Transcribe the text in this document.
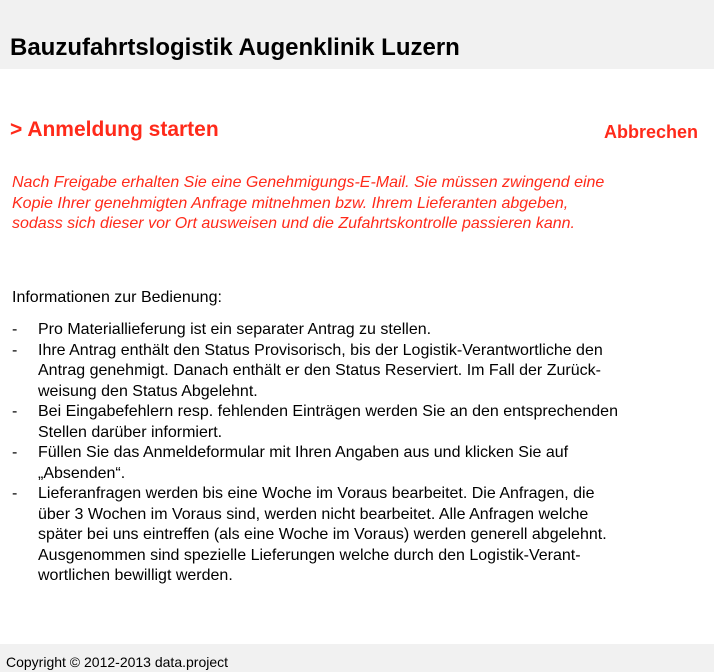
Bauzufahrtslogistik Augenklinik Luzern
> Anmeldung starten	Abbrechen

Nach Freigabe erhalten Sie eine Genehmigungs-E-Mail. Sie müssen zwingend eine
Kopie Ihrer genehmigten Anfrage mitnehmen bzw. Ihrem Lieferanten abgeben,
sodass sich dieser vor Ort ausweisen und die Zufahrtskontrolle passieren kann.

Informationen zur Bedienung:

- Pro Materiallieferung ist ein separater Antrag zu stellen.
- Ihre Antrag enthält den Status Provisorisch, bis der Logistik-Verantwortliche den
Antrag genehmigt. Danach enthält er den Status Reserviert. Im Fall der Zurück-
weisung den Status Abgelehnt.
- Bei Eingabefehlern resp. fehlenden Einträgen werden Sie an den entsprechenden
Stellen darüber informiert.
- Füllen Sie das Anmeldeformular mit Ihren Angaben aus und klicken Sie auf
„Absenden“.
- Lieferanfragen werden bis eine Woche im Voraus bearbeitet. Die Anfragen, die
über 3 Wochen im Voraus sind, werden nicht bearbeitet. Alle Anfragen welche
später bei uns eintreffen (als eine Woche im Voraus) werden generell abgelehnt.
Ausgenommen sind spezielle Lieferungen welche durch den Logistik-Verant-
wortlichen bewilligt werden.
Copyright © 2012-2013 data.project
